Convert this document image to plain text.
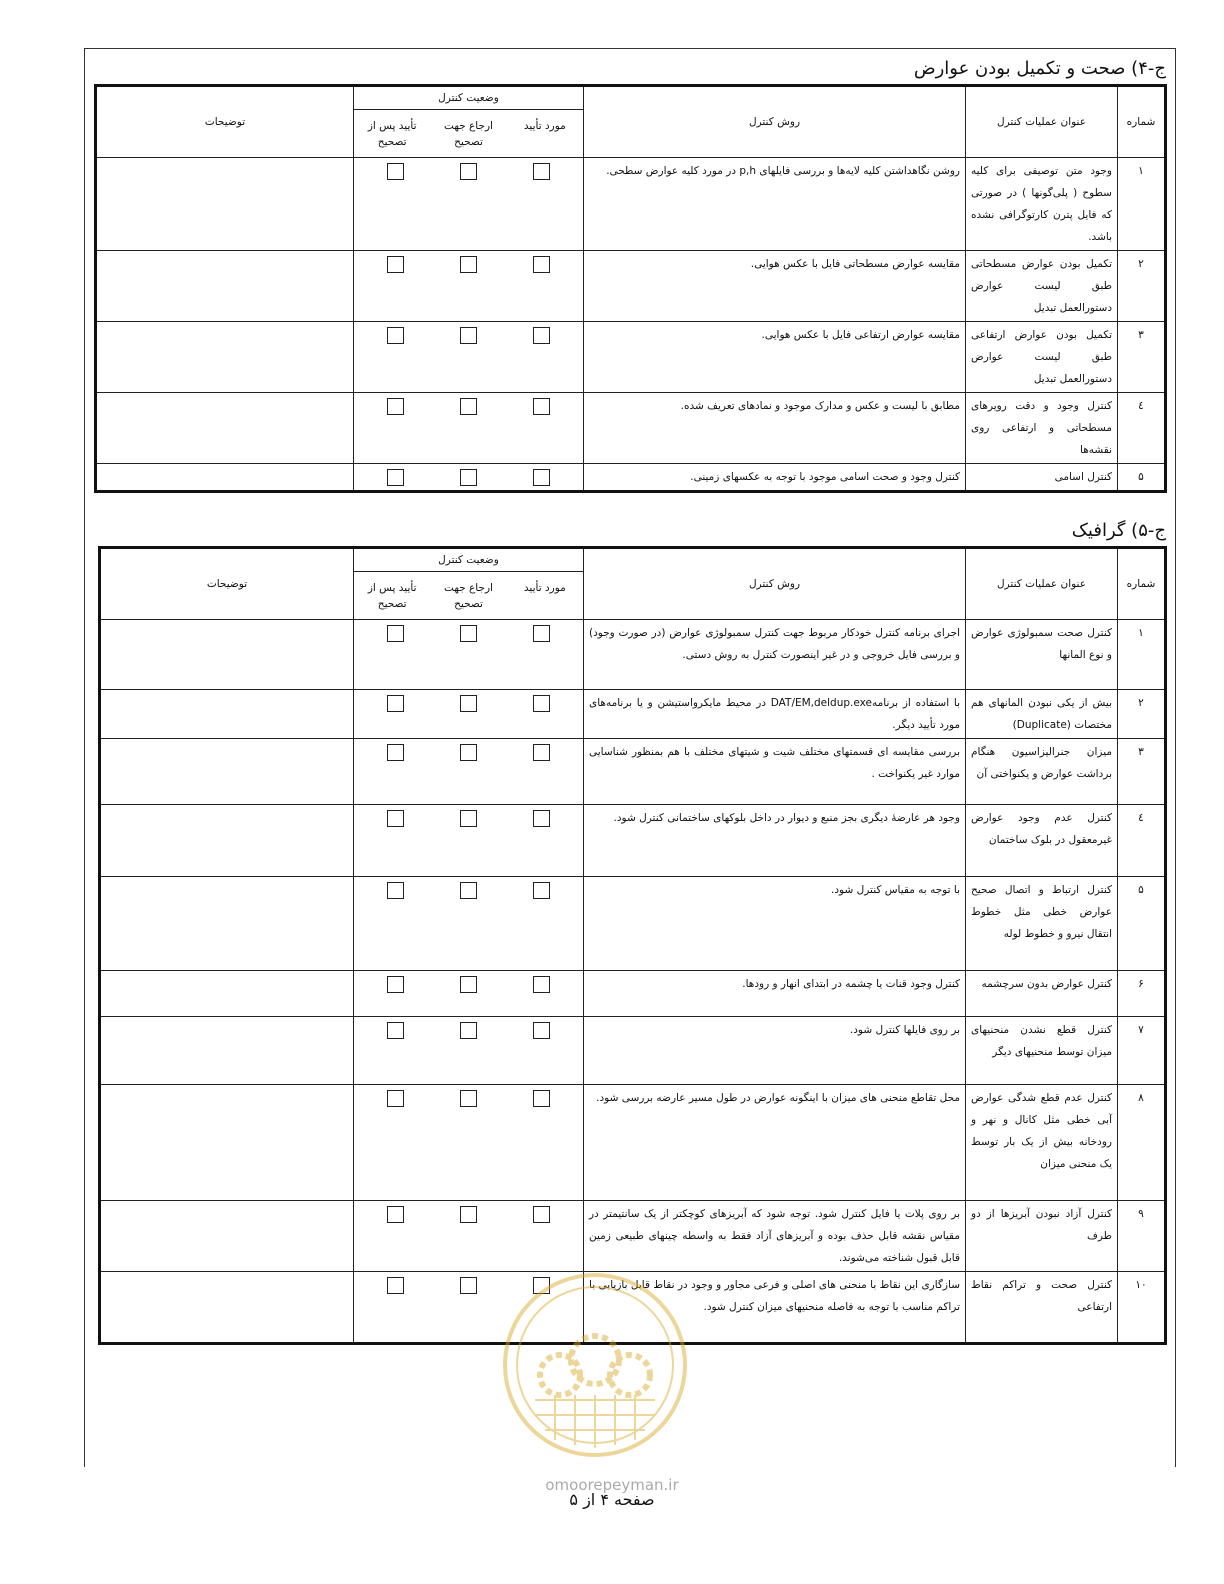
ج-۴) صحت و تکمیل بودن عوارض
شماره	عنوان عملیات کنترل	روش کنترل	وضعیت کنترل	توضیحات

			مورد تأیید
ارجاع جهت تصحیح
تأیید پس از تصحیح	

۱	وجود متن توصیفی برای کلیه سطوح ( پلی‌گونها ) در صورتی که فایل پترن کارتوگرافی نشده باشد.	روشن نگاهداشتن کلیه لایه‌ها و بررسی فایلهای p,h در مورد کلیه عوارض سطحی.	

۲	تکمیل بودن عوارض مسطحاتی طبق لیست عوارض دستورالعمل تبدیل	مقایسه عوارض مسطحاتی فایل با عکس هوایی.	

۳	تکمیل بودن عوارض ارتفاعی طبق لیست عوارض دستورالعمل تبدیل	مقایسه عوارض ارتفاعی فایل با عکس هوایی.	

٤	کنترل وجود و دقت رویرهای مسطحاتی و ارتفاعی روی نقشه‌ها	مطابق با لیست و عکس و مدارک موجود و نمادهای تعریف شده.	

۵	کنترل اسامی	کنترل وجود و صحت اسامی موجود با توجه به عکسهای زمینی.	

ج-۵) گرافیک
شماره	عنوان عملیات کنترل	روش کنترل	وضعیت کنترل	توضیحات

			مورد تأیید
ارجاع جهت تصحیح
تأیید پس از تصحیح	

۱	کنترل صحت سمبولوژی عوارض و نوع المانها	اجرای برنامه کنترل خودکار مربوط جهت کنترل سمبولوژی عوارض (در صورت وجود) و بررسی فایل خروجی و در غیر اینصورت کنترل به روش دستی.	

۲	بیش از یکی نبودن المانهای هم مختصات (Duplicate)	با استفاده از برنامهDAT/EM,deldup.exe در محیط مایکرواستیشن و یا برنامه‌های مورد تأیید دیگر.	

۳	میزان جنرالیزاسیون هنگام برداشت عوارض و یکنواختی آن	بررسی مقایسه ای قسمتهای مختلف شیت و شیتهای مختلف با هم بمنظور شناسایی موارد غیر یکنواخت .	

٤	کنترل عدم وجود عوارض غیرمعقول در بلوک ساختمان	وجود هر عارضهٔ دیگری بجز منبع و دیوار در داخل بلوکهای ساختمانی کنترل شود.	

۵	کنترل ارتباط و اتصال صحیح عوارض خطی مثل خطوط انتقال نیرو و خطوط لوله	با توجه به مقیاس کنترل شود.	

۶	کنترل عوارض بدون سرچشمه	کنترل وجود قنات یا چشمه در ابتدای انهار و رودها.	

۷	کنترل قطع نشدن منحنیهای میزان توسط منحنیهای دیگر	بر روی فایلها کنترل شود.	

۸	کنترل عدم قطع شدگی عوارض آبی خطی مثل کانال و نهر و رودخانه بیش از یک بار توسط یک منحنی میزان	محل تقاطع منحنی های میزان با اینگونه عوارض در طول مسیر عارضه بررسی شود.	

۹	کنترل آزاد نبودن آبریزها از دو طرف	بر روی پلات یا فایل کنترل شود. توجه شود که آبریزهای کوچکتر از یک سانتیمتر در مقیاس نقشه قابل حذف بوده و آبریزهای آزاد فقط به واسطه چینهای طبیعی زمین قابل قبول شناخته می‌شوند.	

۱۰	کنترل صحت و تراکم نقاط ارتفاعی	سازگاری این نقاط با منحنی های اصلی و فرعی مجاور و وجود در نقاط قابل بازیابی با تراکم مناسب با توجه به فاصله منحنیهای میزان کنترل شود.	

omoorepeyman.ir
صفحه ۴ از ۵
